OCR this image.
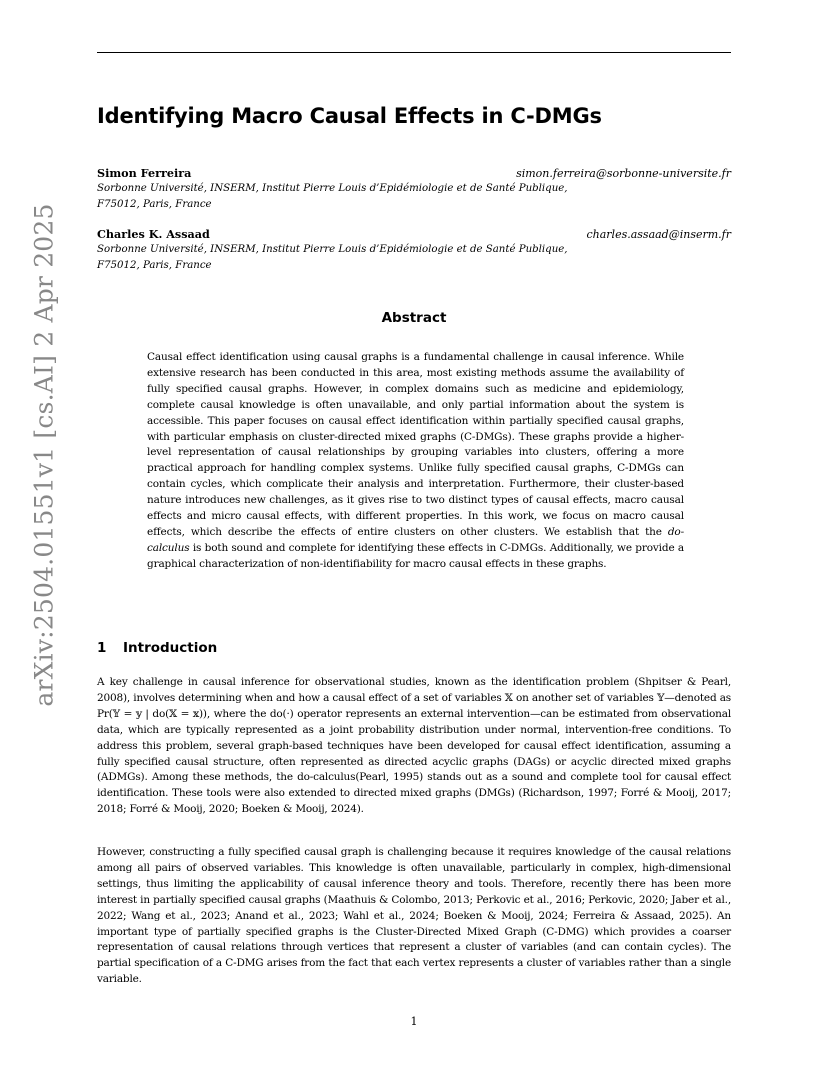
arXiv:2504.01551v1 [cs.AI] 2 Apr 2025
Identifying Macro Causal Effects in C-DMGs
Simon Ferreira	simon.ferreira@sorbonne-universite.fr
Sorbonne Université, INSERM, Institut Pierre Louis d’Epidémiologie et de Santé Publique,
F75012, Paris, France
Charles K. Assaad	charles.assaad@inserm.fr
Sorbonne Université, INSERM, Institut Pierre Louis d’Epidémiologie et de Santé Publique,
F75012, Paris, France
Abstract
Causal effect identification using causal graphs is a fundamental challenge in causal inference. While extensive research has been conducted in this area, most existing methods assume the availability of fully specified causal graphs. However, in complex domains such as medicine and epidemiology, complete causal knowledge is often unavailable, and only partial information about the system is accessible. This paper focuses on causal effect identification within partially specified causal graphs, with particular emphasis on cluster-directed mixed graphs (C-DMGs). These graphs provide a higher-level representation of causal relationships by grouping variables into clusters, offering a more practical approach for handling complex systems. Unlike fully specified causal graphs, C-DMGs can contain cycles, which complicate their analysis and interpretation. Furthermore, their cluster-based nature introduces new challenges, as it gives rise to two distinct types of causal effects, macro causal effects and micro causal effects, with different properties. In this work, we focus on macro causal effects, which describe the effects of entire clusters on other clusters. We establish that the do-calculus is both sound and complete for identifying these effects in C-DMGs. Additionally, we provide a graphical characterization of non-identifiability for macro causal effects in these graphs.
1 Introduction
A key challenge in causal inference for observational studies, known as the identification problem (Shpitser & Pearl, 2008), involves determining when and how a causal effect of a set of variables 𝕏 on another set of variables 𝕐—denoted as Pr(𝕐 = 𝕪 | do(𝕏 = 𝕩)), where the do(·) operator represents an external intervention—can be estimated from observational data, which are typically represented as a joint probability distribution under normal, intervention-free conditions. To address this problem, several graph-based techniques have been developed for causal effect identification, assuming a fully specified causal structure, often represented as directed acyclic graphs (DAGs) or acyclic directed mixed graphs (ADMGs). Among these methods, the do-calculus(Pearl, 1995) stands out as a sound and complete tool for causal effect identification. These tools were also extended to directed mixed graphs (DMGs) (Richardson, 1997; Forré & Mooij, 2017; 2018; Forré & Mooij, 2020; Boeken & Mooij, 2024).
However, constructing a fully specified causal graph is challenging because it requires knowledge of the causal relations among all pairs of observed variables. This knowledge is often unavailable, particularly in complex, high-dimensional settings, thus limiting the applicability of causal inference theory and tools. Therefore, recently there has been more interest in partially specified causal graphs (Maathuis & Colombo, 2013; Perkovic et al., 2016; Perkovic, 2020; Jaber et al., 2022; Wang et al., 2023; Anand et al., 2023; Wahl et al., 2024; Boeken & Mooij, 2024; Ferreira & Assaad, 2025). An important type of partially specified graphs is the Cluster-Directed Mixed Graph (C-DMG) which provides a coarser representation of causal relations through vertices that represent a cluster of variables (and can contain cycles). The partial specification of a C-DMG arises from the fact that each vertex represents a cluster of variables rather than a single variable.
1
